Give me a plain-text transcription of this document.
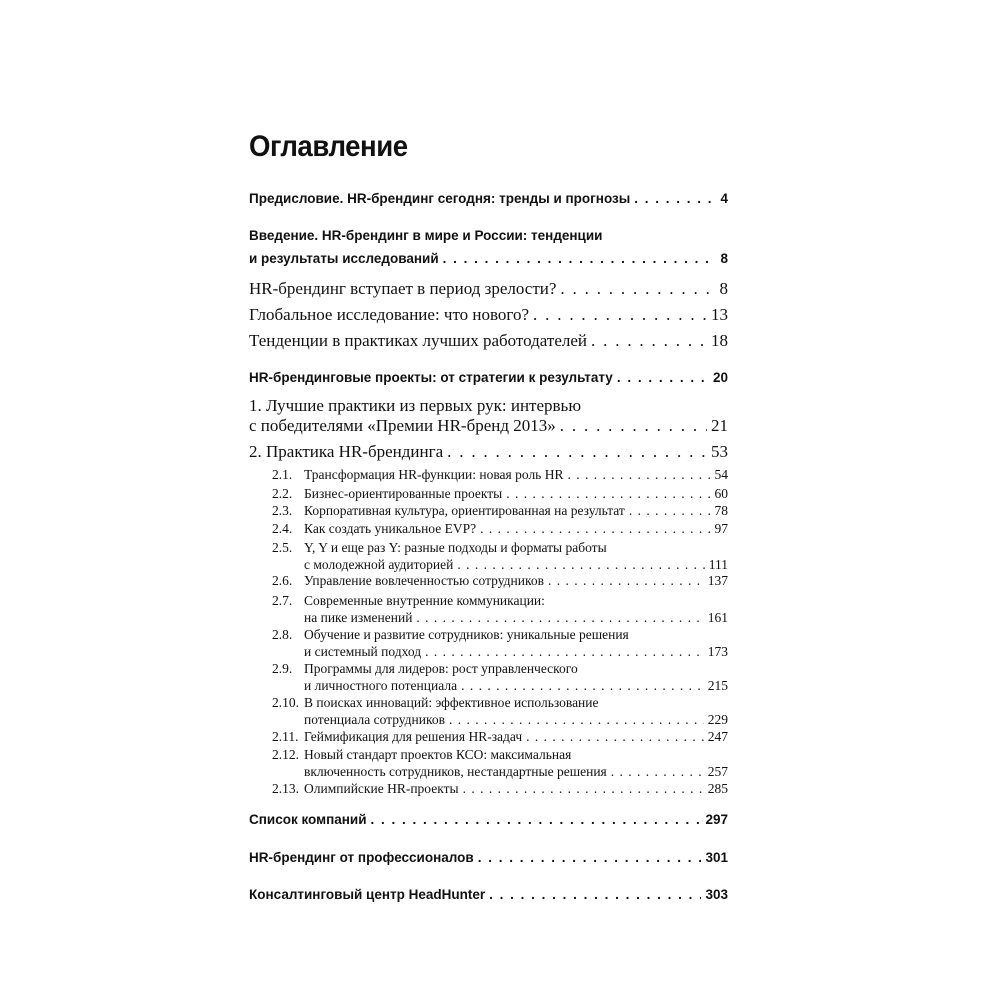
Оглавление
Предисловие. HR-брендинг сегодня: тренды и прогнозы . . .	4
Введение. HR-брендинг в мире и России: тенденции
и результаты исследований . . .	8
HR-брендинг вступает в период зрелости? . . .	8
Глобальное исследование: что нового? . . .	13
Тенденции в практиках лучших работодателей . . .	18
HR-брендинговые проекты: от стратегии к результату . . .	20
1. Лучшие практики из первых рук: интервью
с победителями «Премии HR-бренд 2013» . . .	21
2. Практика HR-брендинга . . .	53
2.1. Трансформация HR-функции: новая роль HR . . .	54
2.2. Бизнес-ориентированные проекты . . .	60
2.3. Корпоративная культура, ориентированная на результат . . .	78
2.4. Как создать уникальное EVP? . . .	97
2.5. Y, Y и еще раз Y: разные подходы и форматы работы
с молодежной аудиторией . . .	111
2.6. Управление вовлеченностью сотрудников . . .	137
2.7. Современные внутренние коммуникации:
на пике изменений . . .	161
2.8. Обучение и развитие сотрудников: уникальные решения
и системный подход . . .	173
2.9. Программы для лидеров: рост управленческого
и личностного потенциала . . .	215
2.10. В поисках инноваций: эффективное использование
потенциала сотрудников . . .	229
2.11. Геймификация для решения HR-задач . . .	247
2.12. Новый стандарт проектов КСО: максимальная
включенность сотрудников, нестандартные решения . . .	257
2.13. Олимпийские HR-проекты . . .	285
Список компаний . . .	297
HR-брендинг от профессионалов . . .	301
Консалтинговый центр HeadHunter . . .	303
